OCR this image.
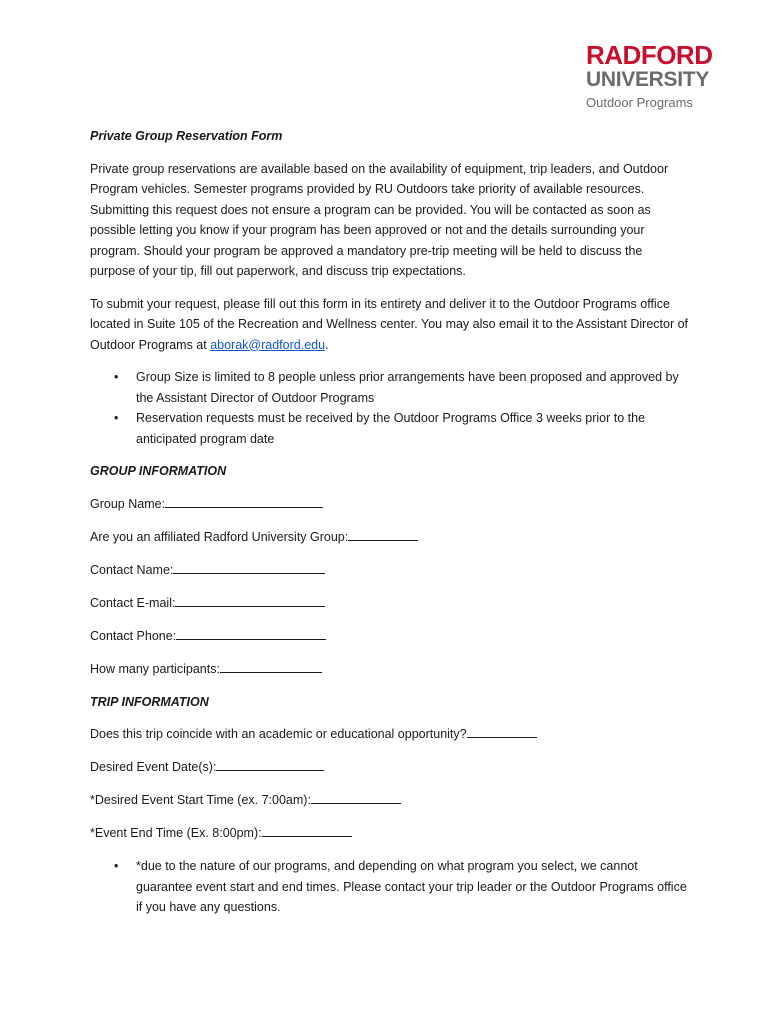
RADFORD
UNIVERSITY
Outdoor Programs
Private Group Reservation Form

Private group reservations are available based on the availability of equipment, trip leaders, and Outdoor Program vehicles. Semester programs provided by RU Outdoors take priority of available resources. Submitting this request does not ensure a program can be provided. You will be contacted as soon as possible letting you know if your program has been approved or not and the details surrounding your program. Should your program be approved a mandatory pre-trip meeting will be held to discuss the purpose of your tip, fill out paperwork, and discuss trip expectations.

To submit your request, please fill out this form in its entirety and deliver it to the Outdoor Programs office located in Suite 105 of the Recreation and Wellness center. You may also email it to the Assistant Director of Outdoor Programs at aborak@radford.edu.

• Group Size is limited to 8 people unless prior arrangements have been proposed and approved by the Assistant Director of Outdoor Programs
• Reservation requests must be received by the Outdoor Programs Office 3 weeks prior to the anticipated program date
GROUP INFORMATION
Group Name:
Are you an affiliated Radford University Group:
Contact Name:
Contact E-mail:
Contact Phone:
How many participants:
TRIP INFORMATION
Does this trip coincide with an academic or educational opportunity?
Desired Event Date(s):
*Desired Event Start Time (ex. 7:00am):
*Event End Time (Ex. 8:00pm):
• *due to the nature of our programs, and depending on what program you select, we cannot guarantee event start and end times. Please contact your trip leader or the Outdoor Programs office if you have any questions.
